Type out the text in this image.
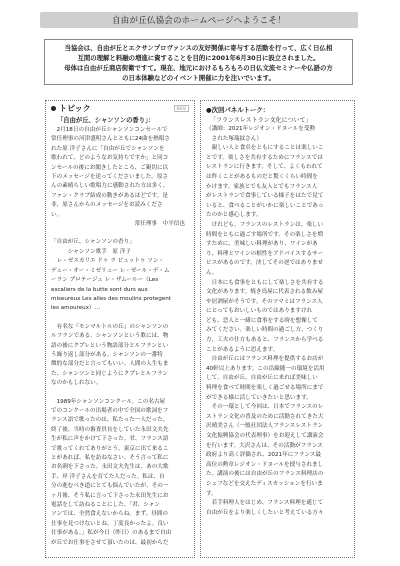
自由が丘仏協会のホームページへようこそ！

当協会は、自由が丘とエクサンプロヴァンスの友好関係に寄与する活動を行って、広く日仏相

互間の理解と料融の増進に資することを目的に2001年6月30日に設立されました。

母体は自由が丘商店街衛ですて。現在、地元におけるもろもろの日仏文流セミナーや仏語の方

の日本体験などのイベント開催に力を注いでいます。

トピック	NEW
「自由が丘、シャンソンの香り」：

　2月18日の自由が丘シャンソンコンセールで

常任理事の河津盛明さんとともに24曲を熱唱さ

れた原 洋子さんに「自由が丘でシャンソンを

歌われて、どのようなお気持ちですか」と同コ

ンセールの後にお聞きしたところ、ご親切に以

下のメッセージを送ってくださいました。原さ

んの素晴らしい歌唱力に感動された方は多く、

ファン・クラブ結成の動きがあるほどです。是

非、原さんからのメッセージをお読みくださ

い。

常任理事　中平信也

「自由が丘、シャンソンの香り」

　　　シャンソン歌手　原 洋子

　レ・ゼスカリエ ドゥ ラ ビュットゥ ソン・

デュー・オー・ミゼリュー レ・ゼール・デ・ム

ーラン プロテージュ レ・ザムールー（Les

escaliers de la butte sont durs aux

miseureux Les ailes des moulins protegent

les amoureux）…

　有名な『モンマルトルの丘』のシャンソンの

ルフランである。シャンソンという歌には、物

語の後にクプレという物語部分とルフランとい

う繰り返し部分がある。シャンソンの一番特

徴的な部分だと言ってもいい。人間の人生もま

た、シャンソンと同じようにクプレとルフラン

なのかもしれない。

　1989年シャンソンコンクール。この名古屋

でのコンクールの出場者の中で全国の歌詞をフ

ランス語で歌ったのは、私たった一人だった。

終了後、当時の審査員長をしていた永田文夫先

生が私に声をかけて下さった。君、フランス語

で歌ってくれてありがとう。東京に出て来るこ

とがあれば、私を訪ねなさい。そう言って私に

お名刺を下さった。永田文夫先生は、あの大歌

手、岸 洋子さんを育てた人だった。私は、自

分の進むべき道にとても悩んでいたが、その一

ヶ月後、そう私に言って下さった永田先生にお

電話をして訪ねることにした。「君、シャン

ソンでは、全然食えないからね。まず、昼間の

仕事を見つけないとね。丁度良かったよ。良い

仕事がある。」私が今日（昨日）のあるまで自由

が丘でお仕事をさせて頂いたのは、最初からだ

●次回パネルトーク：
「フランスレストラン文化について」

（講師：2021年レジオン・ドヌールを受勲

　された塚瑞紋さん）

　親しい人と食卓をともにすることは楽しいこ

とです。楽しさを共有するためにフランスでは

レストランに行きます。そして、よくもわれて

は昨くことがあるものだと驚くくらい時間を

かけます。家族とでも友人とでもフランス人

がレストランで食事している様子をはたで見て

いると、食べることがいかに楽しいことであっ

たのかと感心します。

　けれども、フランスのレストランは、楽しい

時間をともに過ごす場所です。その楽しさを増

すために、美味しい料理があり、ワインがあ

り、料理とワインの相性をアドバイスするサー

ビスがあるのです。決してその逆ではありませ

ん。

　日本にも食事をともにして楽しさを共有する

文化があります。焼き鳥屋に代表される飲み屋

や居酒屋がそうです。そのツマミはフランス人

にとってもおいしいものではありますけれ

ども、恋人と一緒に食事をする時を想像して

みてください。楽しい時間の過ごし方、つくり

方、工夫の仕方もあると、フランスから学べる

ことがあるように思えます。

　自由が丘にはフランス料理を提供するお店が

40軒以上あります。この沿線随一の環境を活用

して、自由が丘、自由が丘に来れば美味しい

料理を食べて時間を楽しく過ごせる場所にまで

ができる様に活していきたいと思います。

　その一環として今回は、日本でフランスのレ

ストラン文化の普及のために活動されてきた大

沢晴美さん（一般社団法人フランスレストラン

文化振興協会の代表理事）をお迎えして講演会

を行います。大沢さんは、その活動がフランス

政府より高く評価され、2021年にフランス最

高位の勲章レジオン・ドヌールを授与されまし

た。講演の後には自由が丘のフランス料理店の

シェフなどを交えたディスカッションを行いま

す。

　若手料理人をはじめ、フランス料理を通じて

自由が丘をより楽しくしたいと考えている方々
